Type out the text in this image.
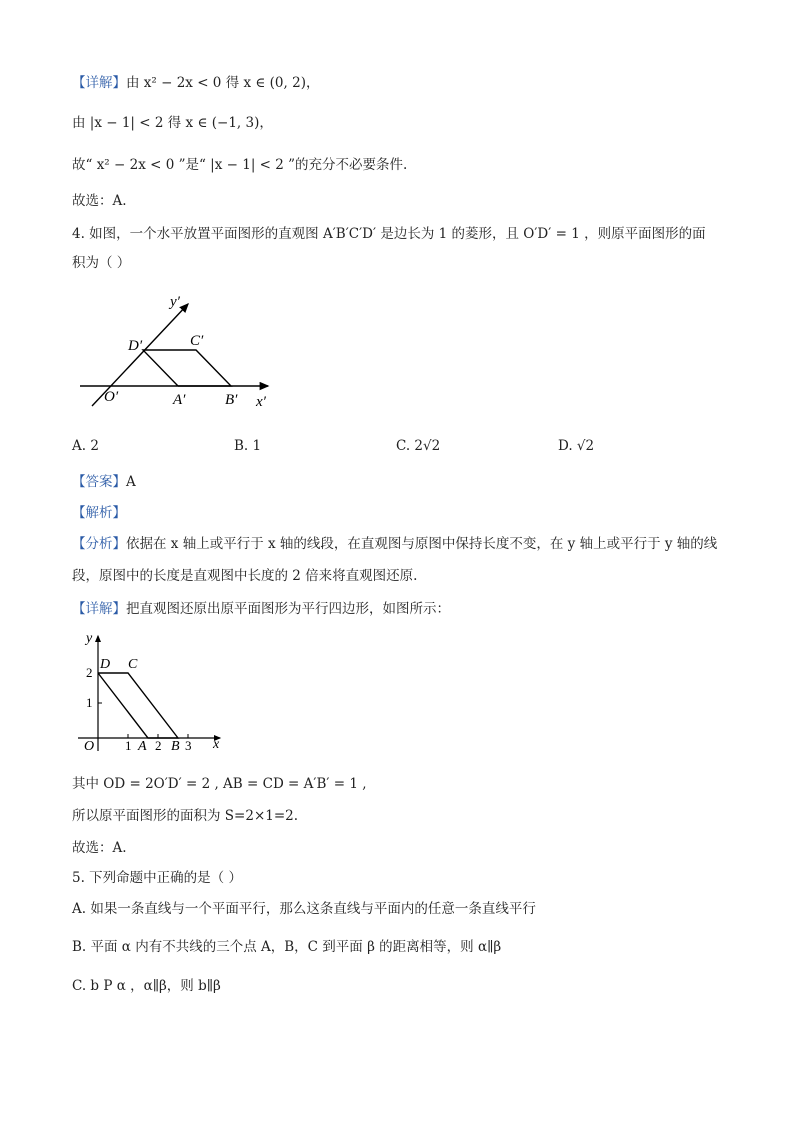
【详解】由 x² − 2x < 0 得 x ∈ (0, 2)，
由 |x − 1| < 2 得 x ∈ (−1, 3)，
故“ x² − 2x < 0 ”是“ |x − 1| < 2 ”的充分不必要条件.
故选：A.
4. 如图，一个水平放置平面图形的直观图 A′B′C′D′ 是边长为 1 的菱形，且 O′D′ = 1 ，则原平面图形的面
积为（ ）
y′
x′
O′	A′	B′
C′
D′
A. 2	B. 1	C. 2√2	D. √2
【答案】A
【解析】
【分析】依据在 x 轴上或平行于 x 轴的线段，在直观图与原图中保持长度不变，在 y 轴上或平行于 y 轴的线
段，原图中的长度是直观图中长度的 2 倍来将直观图还原.
【详解】把直观图还原出原平面图形为平行四边形，如图所示：
y
x
O
D C
A B
1 2 3
1
2
其中 OD = 2O′D′ = 2 , AB = CD = A′B′ = 1 ,
所以原平面图形的面积为 S=2×1=2.
故选：A.
5. 下列命题中正确的是（ ）
A. 如果一条直线与一个平面平行，那么这条直线与平面内的任意一条直线平行
B. 平面 α 内有不共线的三个点 A，B，C 到平面 β 的距离相等，则 α∥β
C. b P α ，α∥β，则 b∥β
